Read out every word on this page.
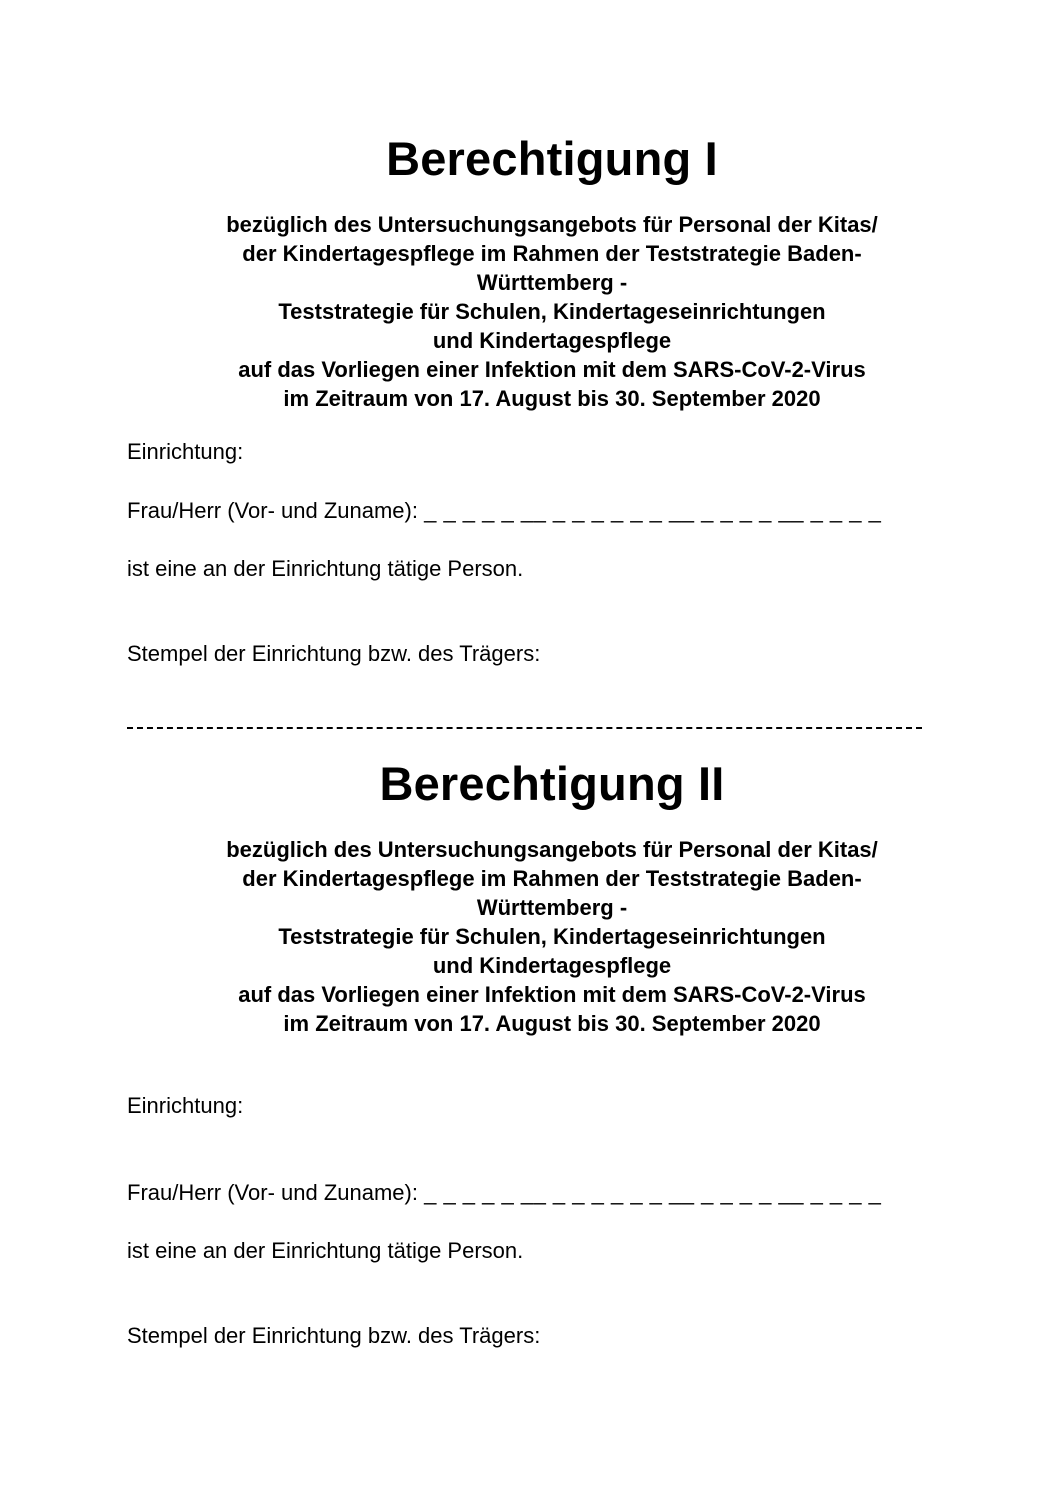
Berechtigung I
bezüglich des Untersuchungsangebots für Personal der Kitas/
der Kindertagespflege im Rahmen der Teststrategie Baden-
Württemberg -
Teststrategie für Schulen, Kindertageseinrichtungen
und Kindertagespflege
auf das Vorliegen einer Infektion mit dem SARS-CoV-2-Virus
im Zeitraum von 17. August bis 30. September 2020

Einrichtung:

Frau/Herr (Vor- und Zuname): _ _ _ _ _ __ _ _ _ _ _ _ __ _ _ _ _ __ _ _ _ _

ist eine an der Einrichtung tätige Person.

Stempel der Einrichtung bzw. des Trägers:

Berechtigung II
bezüglich des Untersuchungsangebots für Personal der Kitas/
der Kindertagespflege im Rahmen der Teststrategie Baden-
Württemberg -
Teststrategie für Schulen, Kindertageseinrichtungen
und Kindertagespflege
auf das Vorliegen einer Infektion mit dem SARS-CoV-2-Virus
im Zeitraum von 17. August bis 30. September 2020

Einrichtung:

Frau/Herr (Vor- und Zuname): _ _ _ _ _ __ _ _ _ _ _ _ __ _ _ _ _ __ _ _ _ _

ist eine an der Einrichtung tätige Person.

Stempel der Einrichtung bzw. des Trägers:
